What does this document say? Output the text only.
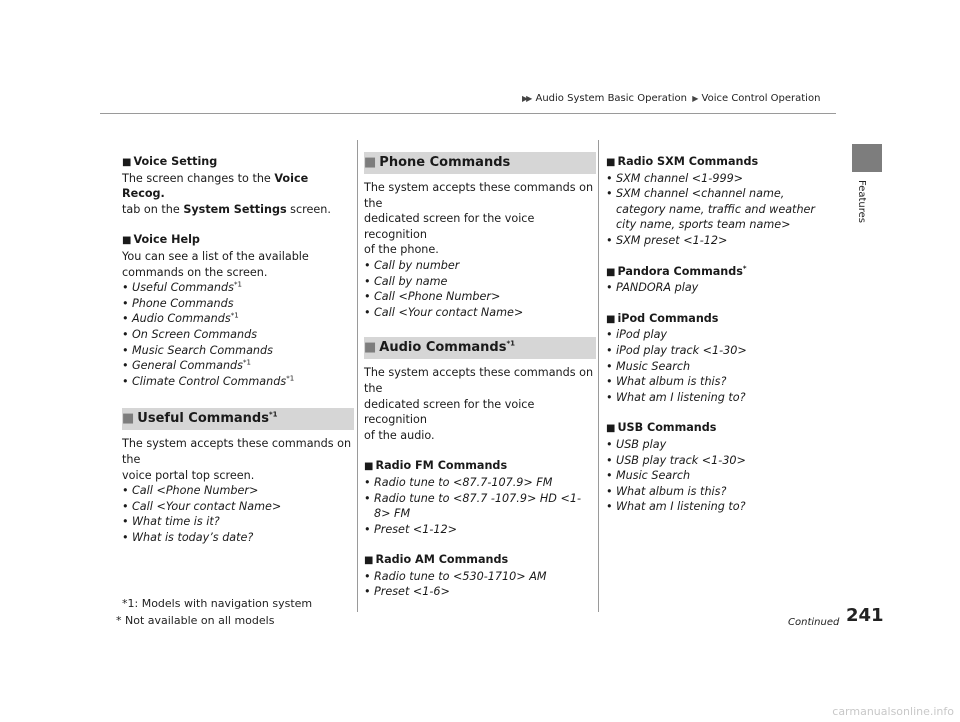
▶▶ Audio System Basic Operation ▶ Voice Control Operation
Features
■ Voice Setting
The screen changes to the Voice Recog.
tab on the System Settings screen.
■ Voice Help
You can see a list of the available
commands on the screen.
• Useful Commands$^{*1}$
• Phone Commands
• Audio Commands$^{*1}$
• On Screen Commands
• Music Search Commands
• General Commands$^{*1}$
• Climate Control Commands$^{*1}$
■ Useful Commands$^{*1}$
The system accepts these commands on the
voice portal top screen.
• Call <Phone Number>
• Call <Your contact Name>
• What time is it?
• What is today’s date?
■ Phone Commands
The system accepts these commands on the
dedicated screen for the voice recognition
of the phone.
• Call by number
• Call by name
• Call <Phone Number>
• Call <Your contact Name>
■ Audio Commands$^{*1}$
The system accepts these commands on the
dedicated screen for the voice recognition
of the audio.
■ Radio FM Commands
• Radio tune to <87.7-107.9> FM
• Radio tune to <87.7 -107.9> HD <1-8> FM
• Preset <1-12>
■ Radio AM Commands
• Radio tune to <530-1710> AM
• Preset <1-6>
■ Radio SXM Commands
• SXM channel <1-999>
• SXM channel <channel name, category name, traffic and weather city name, sports team name>
• SXM preset <1-12>
■ Pandora Commands*
• PANDORA play
■ iPod Commands
• iPod play
• iPod play track <1-30>
• Music Search
• What album is this?
• What am I listening to?
■ USB Commands
• USB play
• USB play track <1-30>
• Music Search
• What album is this?
• What am I listening to?
*1: Models with navigation system
* Not available on all models	Continued 241
carmanualsonline.info
